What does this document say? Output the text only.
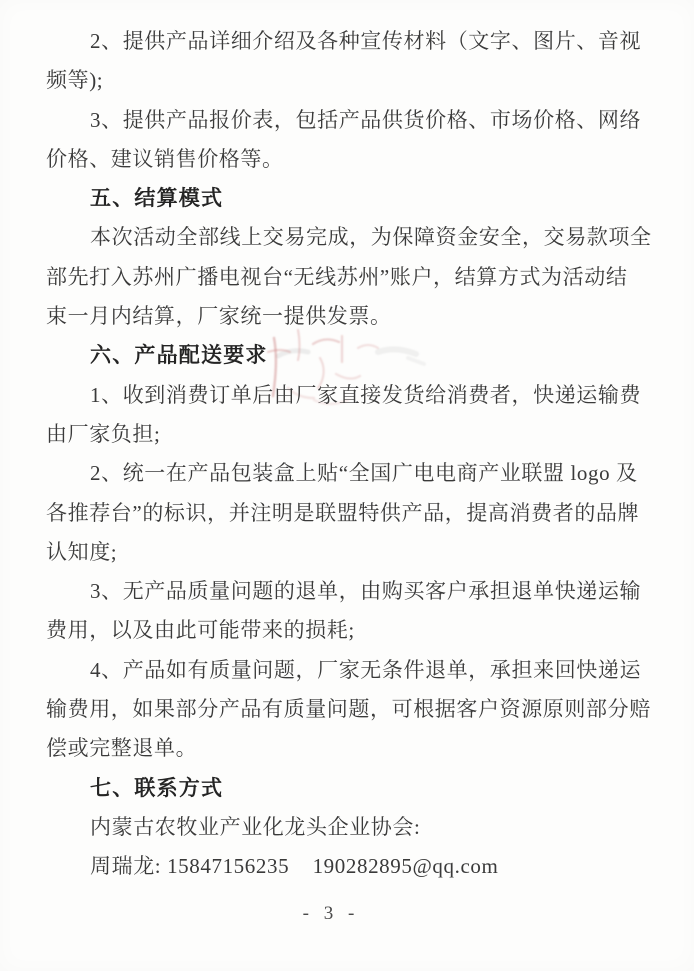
2、提供产品详细介绍及各种宣传材料（文字、图片、音视
频等);
3、提供产品报价表，包括产品供货价格、市场价格、网络
价格、建议销售价格等。
五、结算模式
本次活动全部线上交易完成，为保障资金安全，交易款项全
部先打入苏州广播电视台“无线苏州”账户，结算方式为活动结
束一月内结算，厂家统一提供发票。
六、产品配送要求
1、收到消费订单后由厂家直接发货给消费者，快递运输费
由厂家负担;
2、统一在产品包装盒上贴“全国广电电商产业联盟 logo 及
各推荐台”的标识，并注明是联盟特供产品，提高消费者的品牌
认知度;
3、无产品质量问题的退单，由购买客户承担退单快递运输
费用，以及由此可能带来的损耗;
4、产品如有质量问题，厂家无条件退单，承担来回快递运
输费用，如果部分产品有质量问题，可根据客户资源原则部分赔
偿或完整退单。
七、联系方式
内蒙古农牧业产业化龙头企业协会:
周瑞龙: 15847156235    190282895@qq.com
- 3 -
